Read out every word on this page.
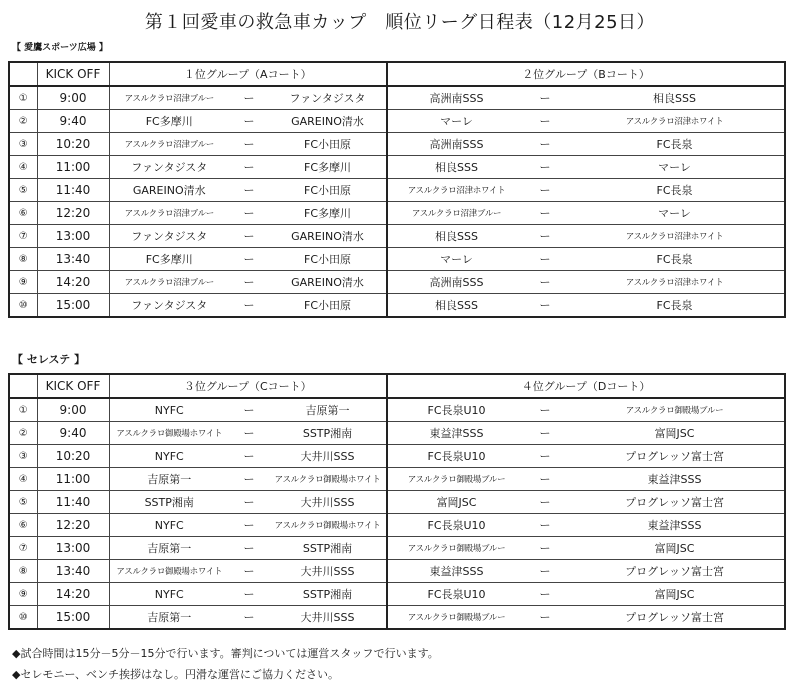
第１回愛車の救急車カップ　順位リーグ日程表（12月25日）
【 愛鷹スポーツ広場 】
	KICK OFF	１位グループ（Aコート）			２位グループ（Bコート）		
①	9:00	アスルクラロ沼津ブルー	ー	ファンタジスタ	高洲南SSS	ー	相良SSS
②	9:40	FC多摩川	ー	GAREINO清水	マーレ	ー	アスルクラロ沼津ホワイト
③	10:20	アスルクラロ沼津ブルー	ー	FC小田原	高洲南SSS	ー	FC長泉
④	11:00	ファンタジスタ	ー	FC多摩川	相良SSS	ー	マーレ
⑤	11:40	GAREINO清水	ー	FC小田原	アスルクラロ沼津ホワイト	ー	FC長泉
⑥	12:20	アスルクラロ沼津ブルー	ー	FC多摩川	アスルクラロ沼津ブルー	ー	マーレ
⑦	13:00	ファンタジスタ	ー	GAREINO清水	相良SSS	ー	アスルクラロ沼津ホワイト
⑧	13:40	FC多摩川	ー	FC小田原	マーレ	ー	FC長泉
⑨	14:20	アスルクラロ沼津ブルー	ー	GAREINO清水	高洲南SSS	ー	アスルクラロ沼津ホワイト
⑩	15:00	ファンタジスタ	ー	FC小田原	相良SSS	ー	FC長泉
【 セレステ 】
	KICK OFF	３位グループ（Cコート）			４位グループ（Dコート）		
①	9:00	NYFC	ー	吉原第一	FC長泉U10	ー	アスルクラロ御殿場ブルー
②	9:40	アスルクラロ御殿場ホワイト	ー	SSTP湘南	東益津SSS	ー	富岡JSC
③	10:20	NYFC	ー	大井川SSS	FC長泉U10	ー	プログレッソ富士宮
④	11:00	吉原第一	ー	アスルクラロ御殿場ホワイト	アスルクラロ御殿場ブルー	ー	東益津SSS
⑤	11:40	SSTP湘南	ー	大井川SSS	富岡JSC	ー	プログレッソ富士宮
⑥	12:20	NYFC	ー	アスルクラロ御殿場ホワイト	FC長泉U10	ー	東益津SSS
⑦	13:00	吉原第一	ー	SSTP湘南	アスルクラロ御殿場ブルー	ー	富岡JSC
⑧	13:40	アスルクラロ御殿場ホワイト	ー	大井川SSS	東益津SSS	ー	プログレッソ富士宮
⑨	14:20	NYFC	ー	SSTP湘南	FC長泉U10	ー	富岡JSC
⑩	15:00	吉原第一	ー	大井川SSS	アスルクラロ御殿場ブルー	ー	プログレッソ富士宮
◆試合時間は15分－5分－15分で行います。審判については運営スタッフで行います。
◆セレモニー、ベンチ挨拶はなし。円滑な運営にご協力ください。
